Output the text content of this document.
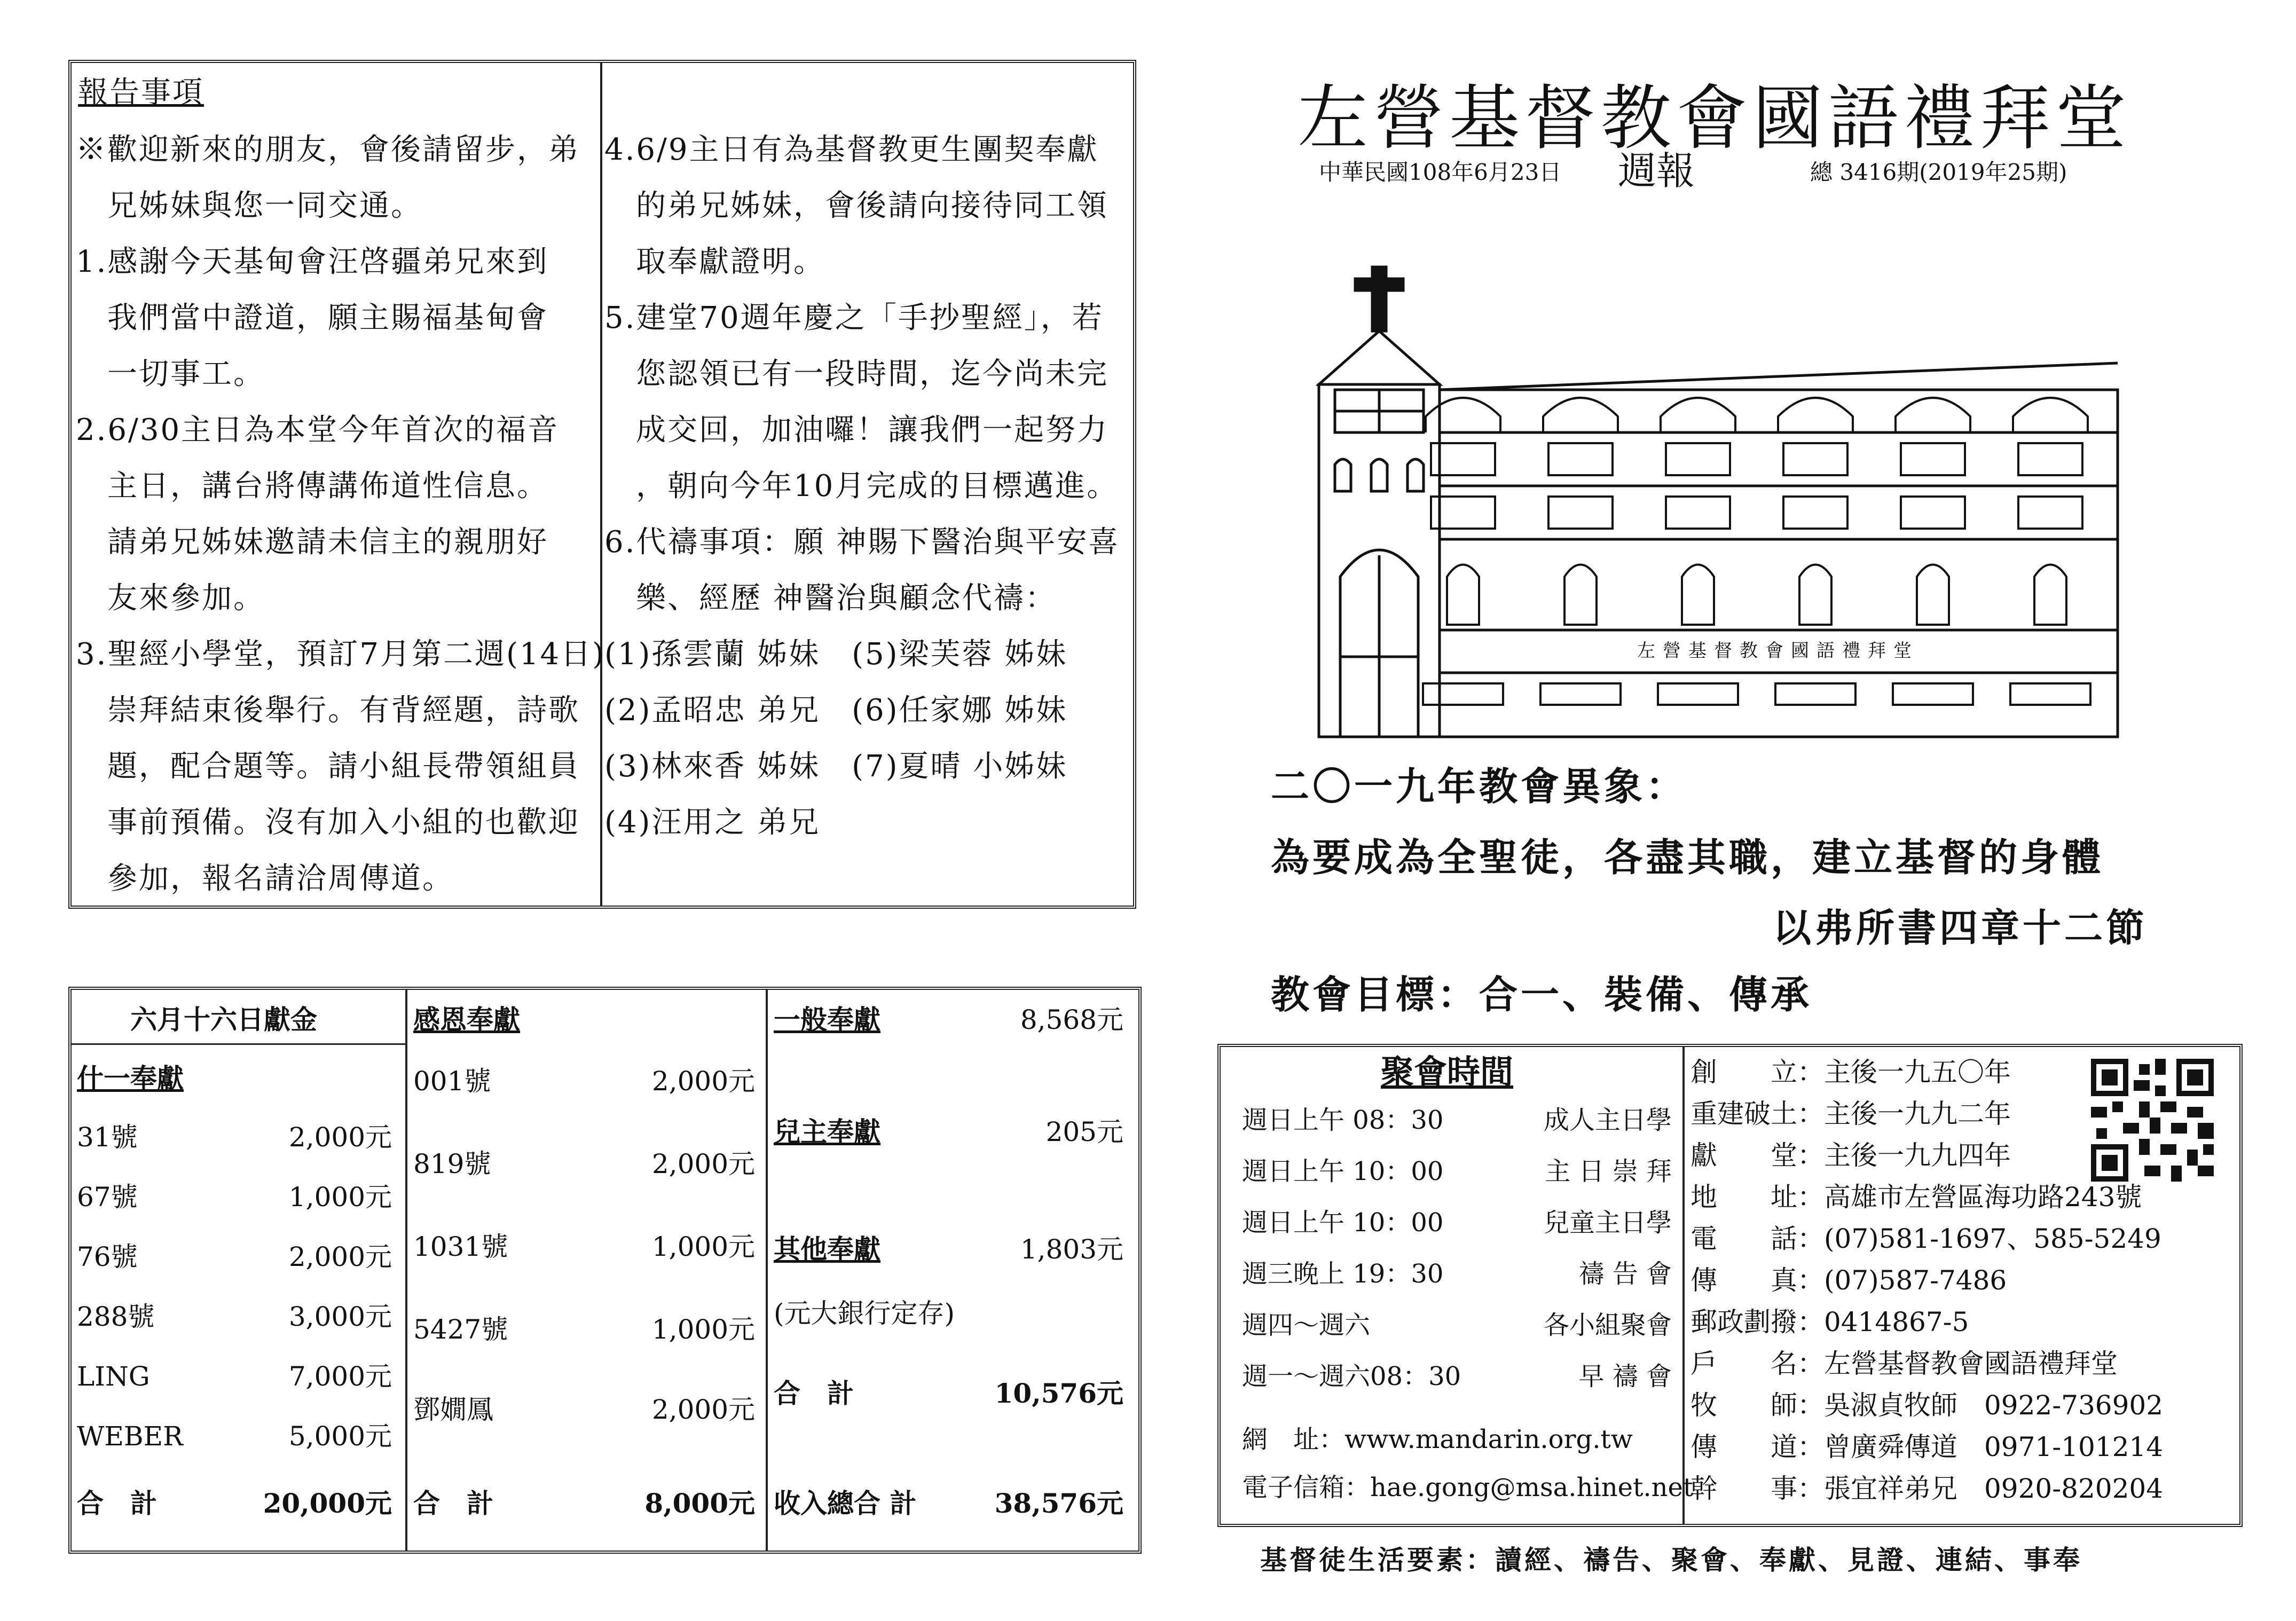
報告事項
※歡迎新來的朋友，會後請留步，弟
　兄姊妹與您一同交通。
1.感謝今天基甸會汪啓疆弟兄來到
　我們當中證道，願主賜福基甸會
　一切事工。
2.6/30主日為本堂今年首次的福音
　主日，講台將傳講佈道性信息。
　請弟兄姊妹邀請未信主的親朋好
　友來參加。
3.聖經小學堂，預訂7月第二週(14日)
　崇拜結束後舉行。有背經題，詩歌
　題，配合題等。請小組長帶領組員
　事前預備。沒有加入小組的也歡迎
　參加，報名請洽周傳道。
4.6/9主日有為基督教更生團契奉獻
　的弟兄姊妹，會後請向接待同工領
　取奉獻證明。
5.建堂70週年慶之「手抄聖經」，若
　您認領已有一段時間，迄今尚未完
　成交回，加油囉！讓我們一起努力
　，朝向今年10月完成的目標邁進。
6.代禱事項：願 神賜下醫治與平安喜
　樂、經歷 神醫治與顧念代禱：
(1)孫雲蘭 姊妹　(5)梁芙蓉 姊妹
(2)孟昭忠 弟兄　(6)任家娜 姊妹
(3)林來香 姊妹　(7)夏晴 小姊妹
(4)汪用之 弟兄
六月十六日獻金
什一奉獻
31號	2,000元
67號	1,000元
76號	2,000元
288號	3,000元
LING	7,000元
WEBER	5,000元
合　計	20,000元
感恩奉獻
001號	2,000元
819號	2,000元
1031號	1,000元
5427號	1,000元
鄧嫺鳳	2,000元
合　計	8,000元
一般奉獻	8,568元
兒主奉獻	205元
其他奉獻	1,803元
(元大銀行定存)
合　計	10,576元
收入總合 計	38,576元
左營基督教會國語禮拜堂
中華民國108年6月23日 週報	總 3416期(2019年25期)
左營基督教會國語禮拜堂
二〇一九年教會異象：
為要成為全聖徒，各盡其職，建立基督的身體
以弗所書四章十二節
教會目標：合一、裝備、傳承
聚會時間
週日上午 08：30	成人主日學
週日上午 10：00	主 日 崇 拜
週日上午 10：00	兒童主日學
週三晚上 19：30	禱 告 會
週四～週六	各小組聚會
週一～週六08：30	早 禱 會
網　址：www.mandarin.org.tw
電子信箱：hae.gong@msa.hinet.net
創　　立：主後一九五〇年
重建破土：主後一九九二年
獻　　堂：主後一九九四年
地　　址：高雄市左營區海功路243號
電　　話：(07)581-1697、585-5249
傳　　真：(07)587-7486
郵政劃撥：0414867-5
戶　　名：左營基督教會國語禮拜堂
牧　　師：吳淑貞牧師　0922-736902
傳　　道：曾廣舜傳道　0971-101214
幹　　事：張宜祥弟兄　0920-820204
基督徒生活要素：讀經、禱告、聚會、奉獻、見證、連結、事奉
